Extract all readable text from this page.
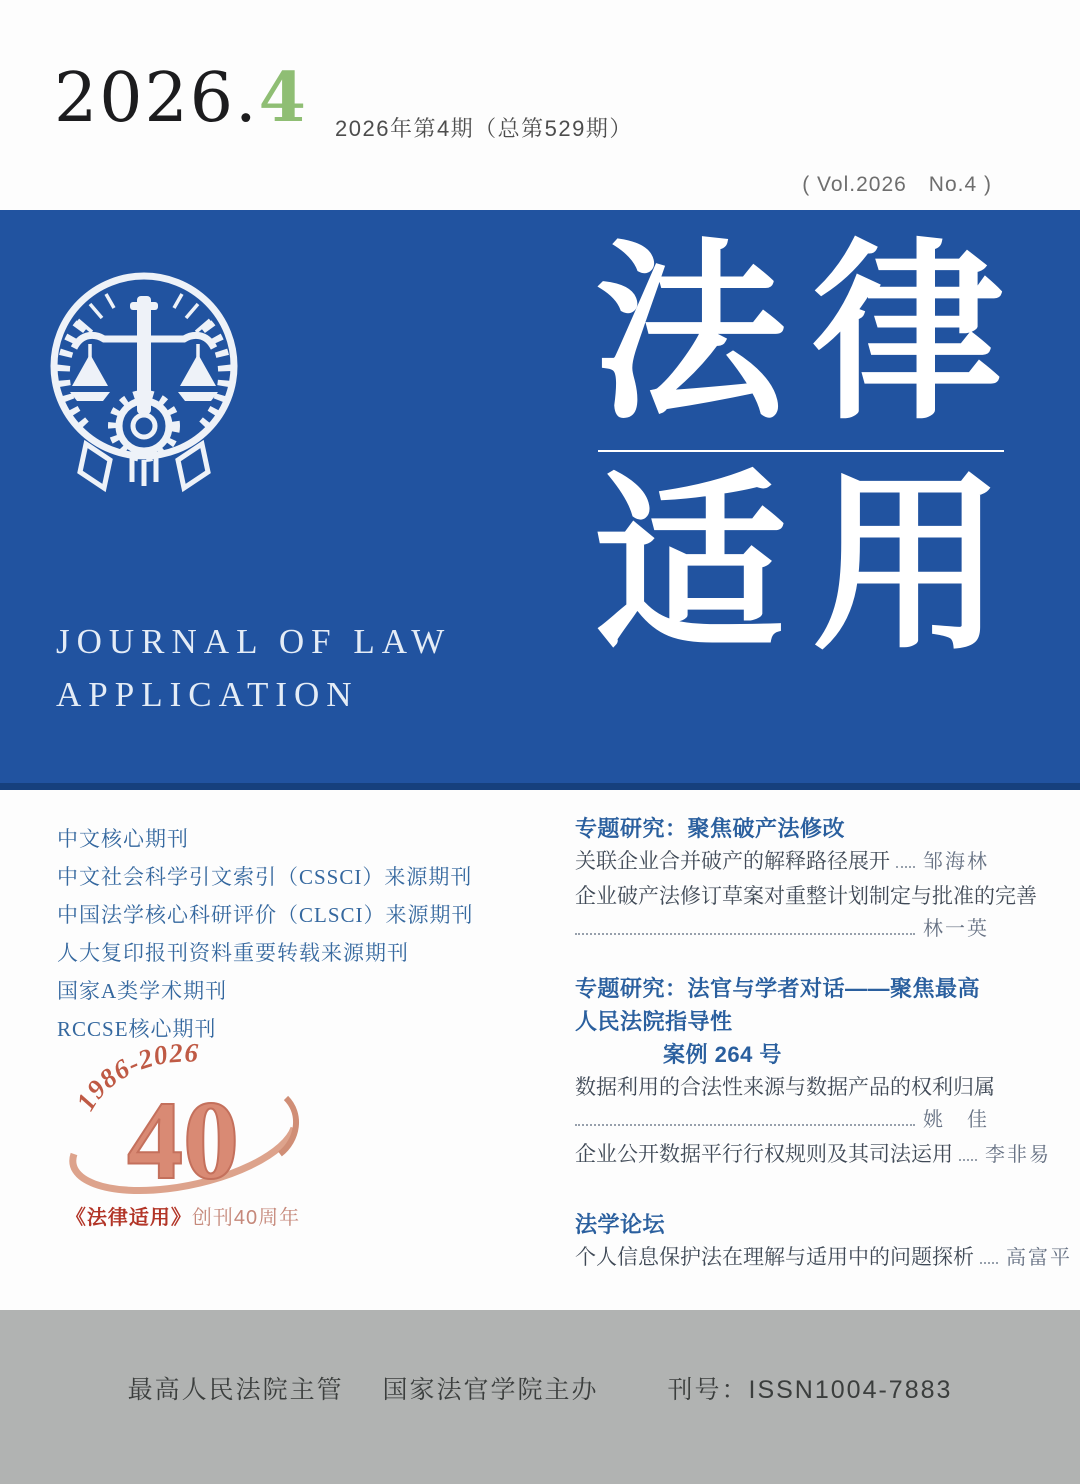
2026.4 2026年第4期（总第529期）
( Vol.2026　No.4 )
法律
适用
JOURNAL OF LAW
APPLICATION
中文核心期刊
中文社会科学引文索引（CSSCI）来源期刊
中国法学核心科研评价（CLSCI）来源期刊
人大复印报刊资料重要转载来源期刊
国家A类学术期刊
RCCSE核心期刊
1986-2026
40
《法律适用》创刊40周年
专题研究：聚焦破产法修改
关联企业合并破产的解释路径展开 邹海林
企业破产法修订草案对重整计划制定与批准的完善
林一英
专题研究：法官与学者对话——聚焦最高人民法院指导性
案例 264 号
数据利用的合法性来源与数据产品的权利归属
姚　佳
企业公开数据平行行权规则及其司法运用 李非易
法学论坛
个人信息保护法在理解与适用中的问题探析 高富平
最高人民法院主管 国家法官学院主办	刊号：ISSN1004-7883
